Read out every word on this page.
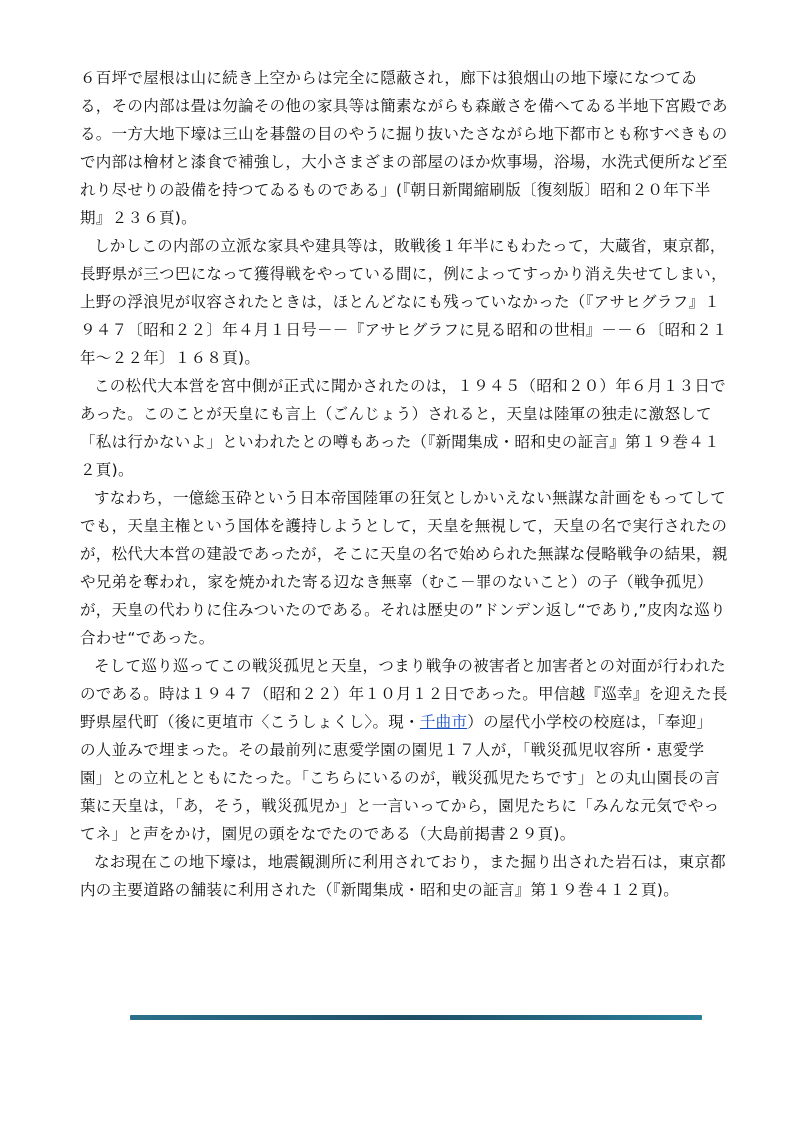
６百坪で屋根は山に続き上空からは完全に隠蔽され，廊下は狼烟山の地下壕になつてゐる，その内部は畳は勿論その他の家具等は簡素ながらも森厳さを備へてゐる半地下宮殿である。一方大地下壕は三山を碁盤の目のやうに掘り抜いたさながら地下都市とも称すべきもので内部は檜材と漆食で補強し，大小さまざまの部屋のほか炊事場，浴場，水洗式便所など至れり尽せりの設備を持つてゐるものである」(『朝日新聞縮刷版〔復刻版〕昭和２０年下半期』２３６頁)。

しかしこの内部の立派な家具や建具等は，敗戦後１年半にもわたって，大蔵省，東京都，長野県が三つ巴になって獲得戦をやっている間に，例によってすっかり消え失せてしまい，上野の浮浪児が収容されたときは，ほとんどなにも残っていなかった（『アサヒグラフ』１９４７〔昭和２２〕年４月１日号－－『アサヒグラフに見る昭和の世相』－－６〔昭和２１年～２２年〕１６８頁)。

この松代大本営を宮中側が正式に聞かされたのは，１９４５（昭和２０）年６月１３日であった。このことが天皇にも言上（ごんじょう）されると，天皇は陸軍の独走に激怒して「私は行かないよ」といわれたとの噂もあった（『新聞集成・昭和史の証言』第１９巻４１２頁)。

すなわち，一億総玉砕という日本帝国陸軍の狂気としかいえない無謀な計画をもってしてでも，天皇主権という国体を護持しようとして，天皇を無視して，天皇の名で実行されたのが，松代大本営の建設であったが，そこに天皇の名で始められた無謀な侵略戦争の結果，親や兄弟を奪われ，家を焼かれた寄る辺なき無辜（むこ－罪のないこと）の子（戦争孤児）が，天皇の代わりに住みついたのである。それは歴史の”ドンデン返し“であり,”皮肉な巡り合わせ“であった。

そして巡り巡ってこの戦災孤児と天皇，つまり戦争の被害者と加害者との対面が行われたのである。時は１９４７（昭和２２）年１０月１２日であった。甲信越『巡幸』を迎えた長野県屋代町（後に更埴市〈こうしょくし〉。現・千曲市）の屋代小学校の校庭は，「奉迎」の人並みで埋まった。その最前列に恵愛学園の園児１７人が，「戦災孤児収容所・恵愛学園」との立札とともにたった。「こちらにいるのが，戦災孤児たちです」との丸山園長の言葉に天皇は，「あ，そう，戦災孤児か」と一言いってから，園児たちに「みんな元気でやってネ」と声をかけ，園児の頭をなでたのである（大島前掲書２９頁)。

なお現在この地下壕は，地震観測所に利用されており，また掘り出された岩石は，東京都内の主要道路の舗装に利用された（『新聞集成・昭和史の証言』第１９巻４１２頁)。
